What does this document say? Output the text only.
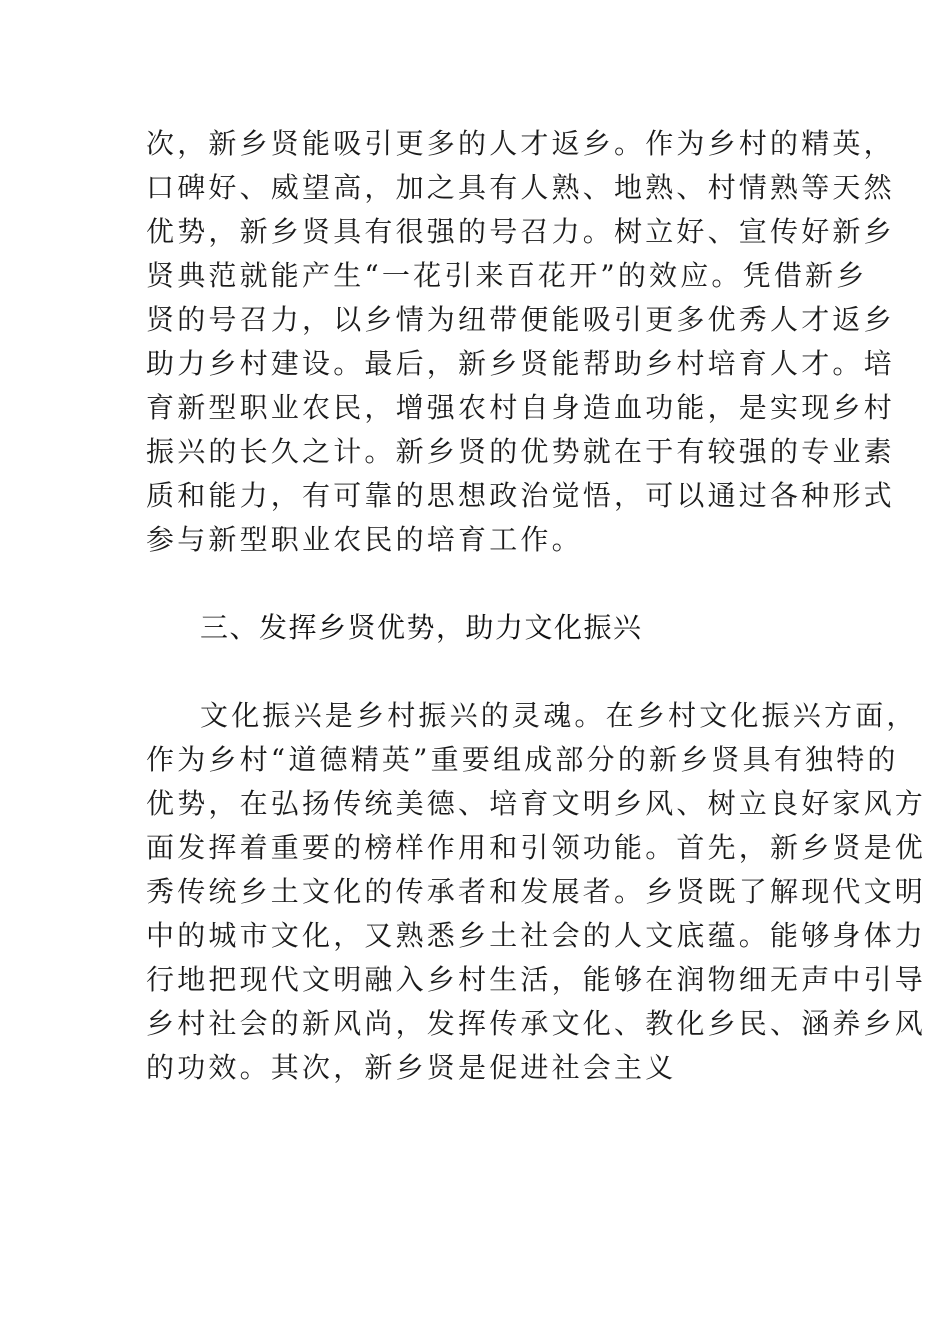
次，新乡贤能吸引更多的人才返乡。作为乡村的精英，
口碑好、威望高，加之具有人熟、地熟、村情熟等天然
优势，新乡贤具有很强的号召力。树立好、宣传好新乡
贤典范就能产生“一花引来百花开”的效应。凭借新乡
贤的号召力，以乡情为纽带便能吸引更多优秀人才返乡
助力乡村建设。最后，新乡贤能帮助乡村培育人才。培
育新型职业农民，增强农村自身造血功能，是实现乡村
振兴的长久之计。新乡贤的优势就在于有较强的专业素
质和能力，有可靠的思想政治觉悟，可以通过各种形式
参与新型职业农民的培育工作。
三、发挥乡贤优势，助力文化振兴
文化振兴是乡村振兴的灵魂。在乡村文化振兴方面，
作为乡村“道德精英”重要组成部分的新乡贤具有独特的
优势，在弘扬传统美德、培育文明乡风、树立良好家风方
面发挥着重要的榜样作用和引领功能。首先，新乡贤是优
秀传统乡土文化的传承者和发展者。乡贤既了解现代文明
中的城市文化，又熟悉乡土社会的人文底蕴。能够身体力
行地把现代文明融入乡村生活，能够在润物细无声中引导
乡村社会的新风尚，发挥传承文化、教化乡民、涵养乡风
的功效。其次，新乡贤是促进社会主义
